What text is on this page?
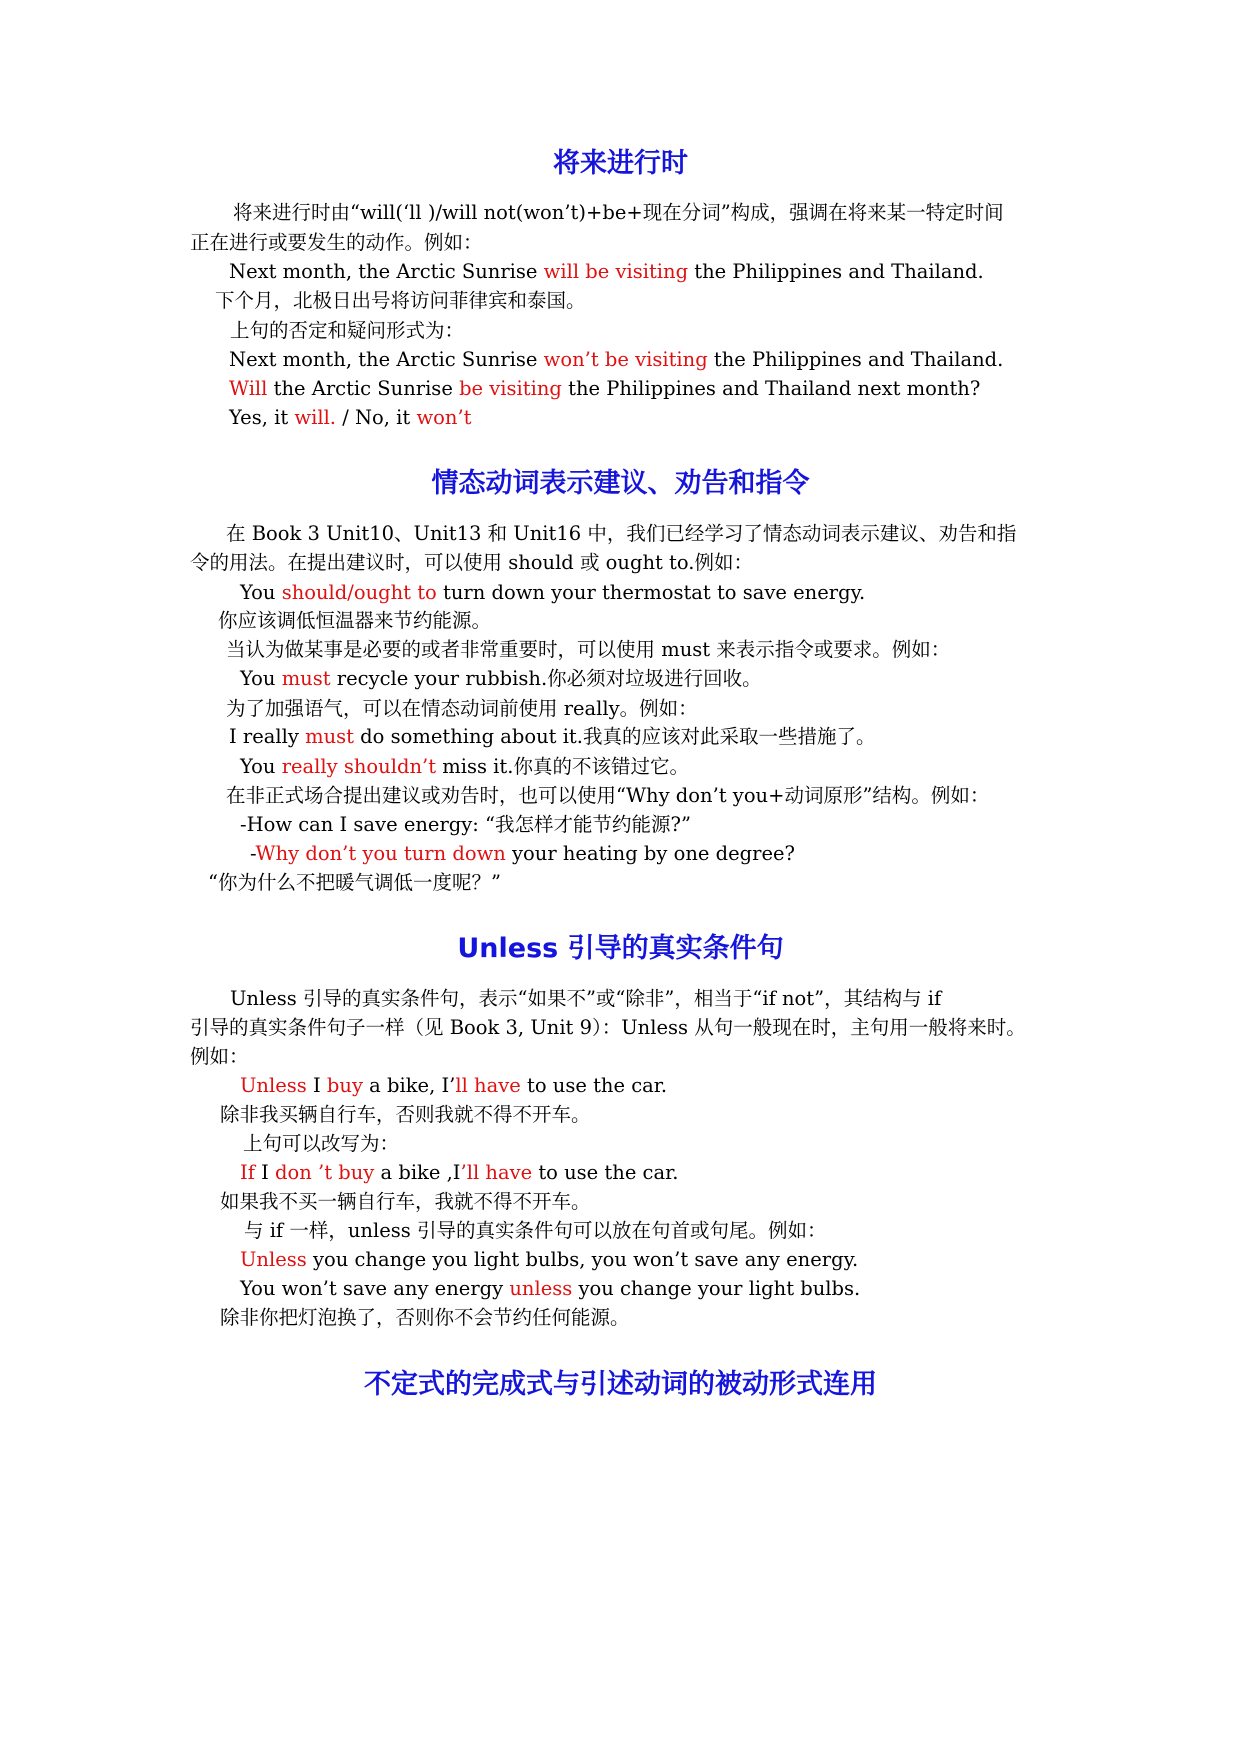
将来进行时

将来进行时由“will(‘ll )/will not(won’t)+be+现在分词”构成，强调在将来某一特定时间

正在进行或要发生的动作。例如：

Next month, the Arctic Sunrise will be visiting the Philippines and Thailand.

下个月，北极日出号将访问菲律宾和泰国。

上句的否定和疑问形式为：

Next month, the Arctic Sunrise won’t be visiting the Philippines and Thailand.

Will the Arctic Sunrise be visiting the Philippines and Thailand next month?

Yes, it will. / No, it won’t

情态动词表示建议、劝告和指令

在 Book 3 Unit10、Unit13 和 Unit16 中，我们已经学习了情态动词表示建议、劝告和指

令的用法。在提出建议时，可以使用 should 或 ought to.例如：

You should/ought to turn down your thermostat to save energy.

你应该调低恒温器来节约能源。

当认为做某事是必要的或者非常重要时，可以使用 must 来表示指令或要求。例如：

You must recycle your rubbish.你必须对垃圾进行回收。

为了加强语气，可以在情态动词前使用 really。例如：

I really must do something about it.我真的应该对此采取一些措施了。

You really shouldn’t miss it.你真的不该错过它。

在非正式场合提出建议或劝告时，也可以使用“Why don’t you+动词原形”结构。例如：

-How can I save energy: “我怎样才能节约能源?”

-Why don’t you turn down your heating by one degree?

“你为什么不把暖气调低一度呢？”

Unless 引导的真实条件句

Unless 引导的真实条件句，表示“如果不”或“除非”，相当于“if not”，其结构与 if

引导的真实条件句子一样（见 Book 3, Unit 9）：Unless 从句一般现在时，主句用一般将来时。

例如：

Unless I buy a bike, I’ll have to use the car.

除非我买辆自行车，否则我就不得不开车。

上句可以改写为：

If I don ’t buy a bike ,I’ll have to use the car.

如果我不买一辆自行车，我就不得不开车。

与 if 一样，unless 引导的真实条件句可以放在句首或句尾。例如：

Unless you change you light bulbs, you won’t save any energy.

You won’t save any energy unless you change your light bulbs.

除非你把灯泡换了，否则你不会节约任何能源。

不定式的完成式与引述动词的被动形式连用
